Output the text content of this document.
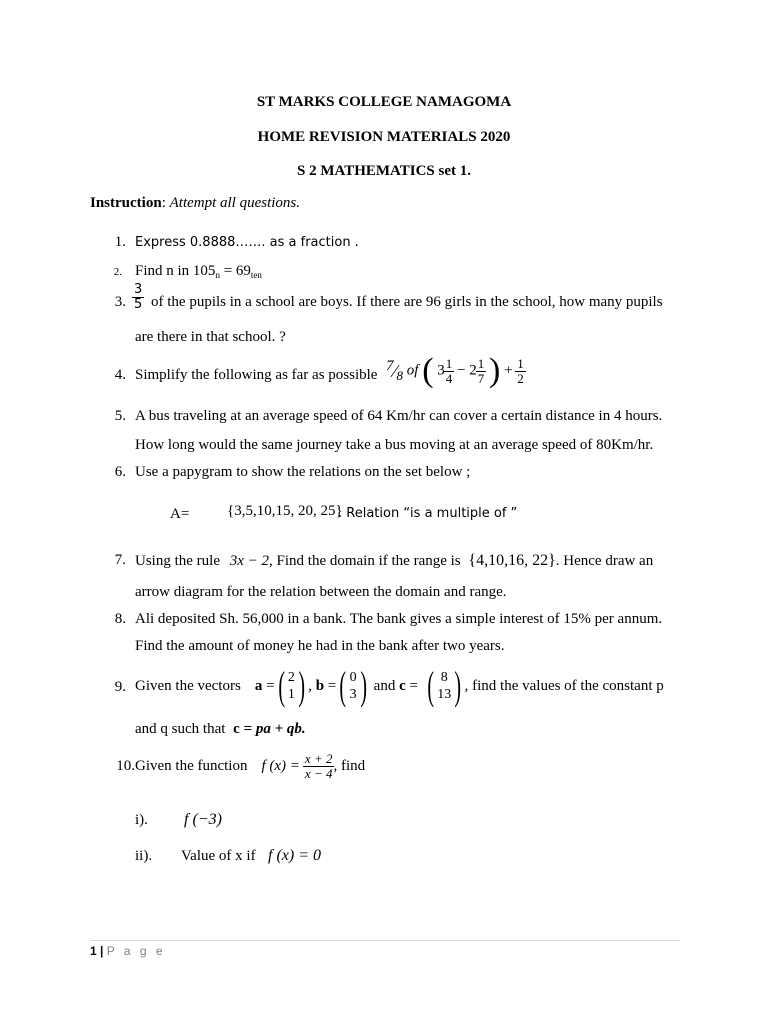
ST MARKS COLLEGE NAMAGOMA
HOME REVISION MATERIALS 2020
S 2 MATHEMATICS set 1.
Instruction: Attempt all questions.
1. Express 0.8888……. as a fraction .
2. Find n in $105_n = 69_{ten}$
3. $\frac{3}{5}$ of the pupils in a school are boys. If there are 96 girls in the school, how many pupils
are there in that school. ?
4. Simplify the following as far as possible
$^7⁄_8$ of ( $3 \frac{1}{4} - 2 \frac{1}{7}$ ) + $\frac{1}{2}$
5. A bus traveling at an average speed of 64 Km/hr can cover a certain distance in 4 hours.
How long would the same journey take a bus moving at an average speed of 80Km/hr.
6. Use a papygram to show the relations on the set below ;
A=	{3,5,10,15, 20, 25}
. Relation “is a multiple of ”
7. Using the rule 3x − 2, Find the domain if the range is {4,10,16, 22}. Hence draw an
arrow diagram for the relation between the domain and range.
8. Ali deposited Sh. 56,000 in a bank. The bank gives a simple interest of 15% per annum.
Find the amount of money he had in the bank after two years.
9. Given the vectors a
= ( 2
1 ) , b
= ( 0
3 )
and
c
= ( 8
13 ) , find the values of the constant p
and q such that c = pa + qb.
10. Given the function f $(x) = \frac{x + 2}{x - 4}$ , find
i). f (−3)
ii). Value of x if f (x) = 0
1 | P a g e
